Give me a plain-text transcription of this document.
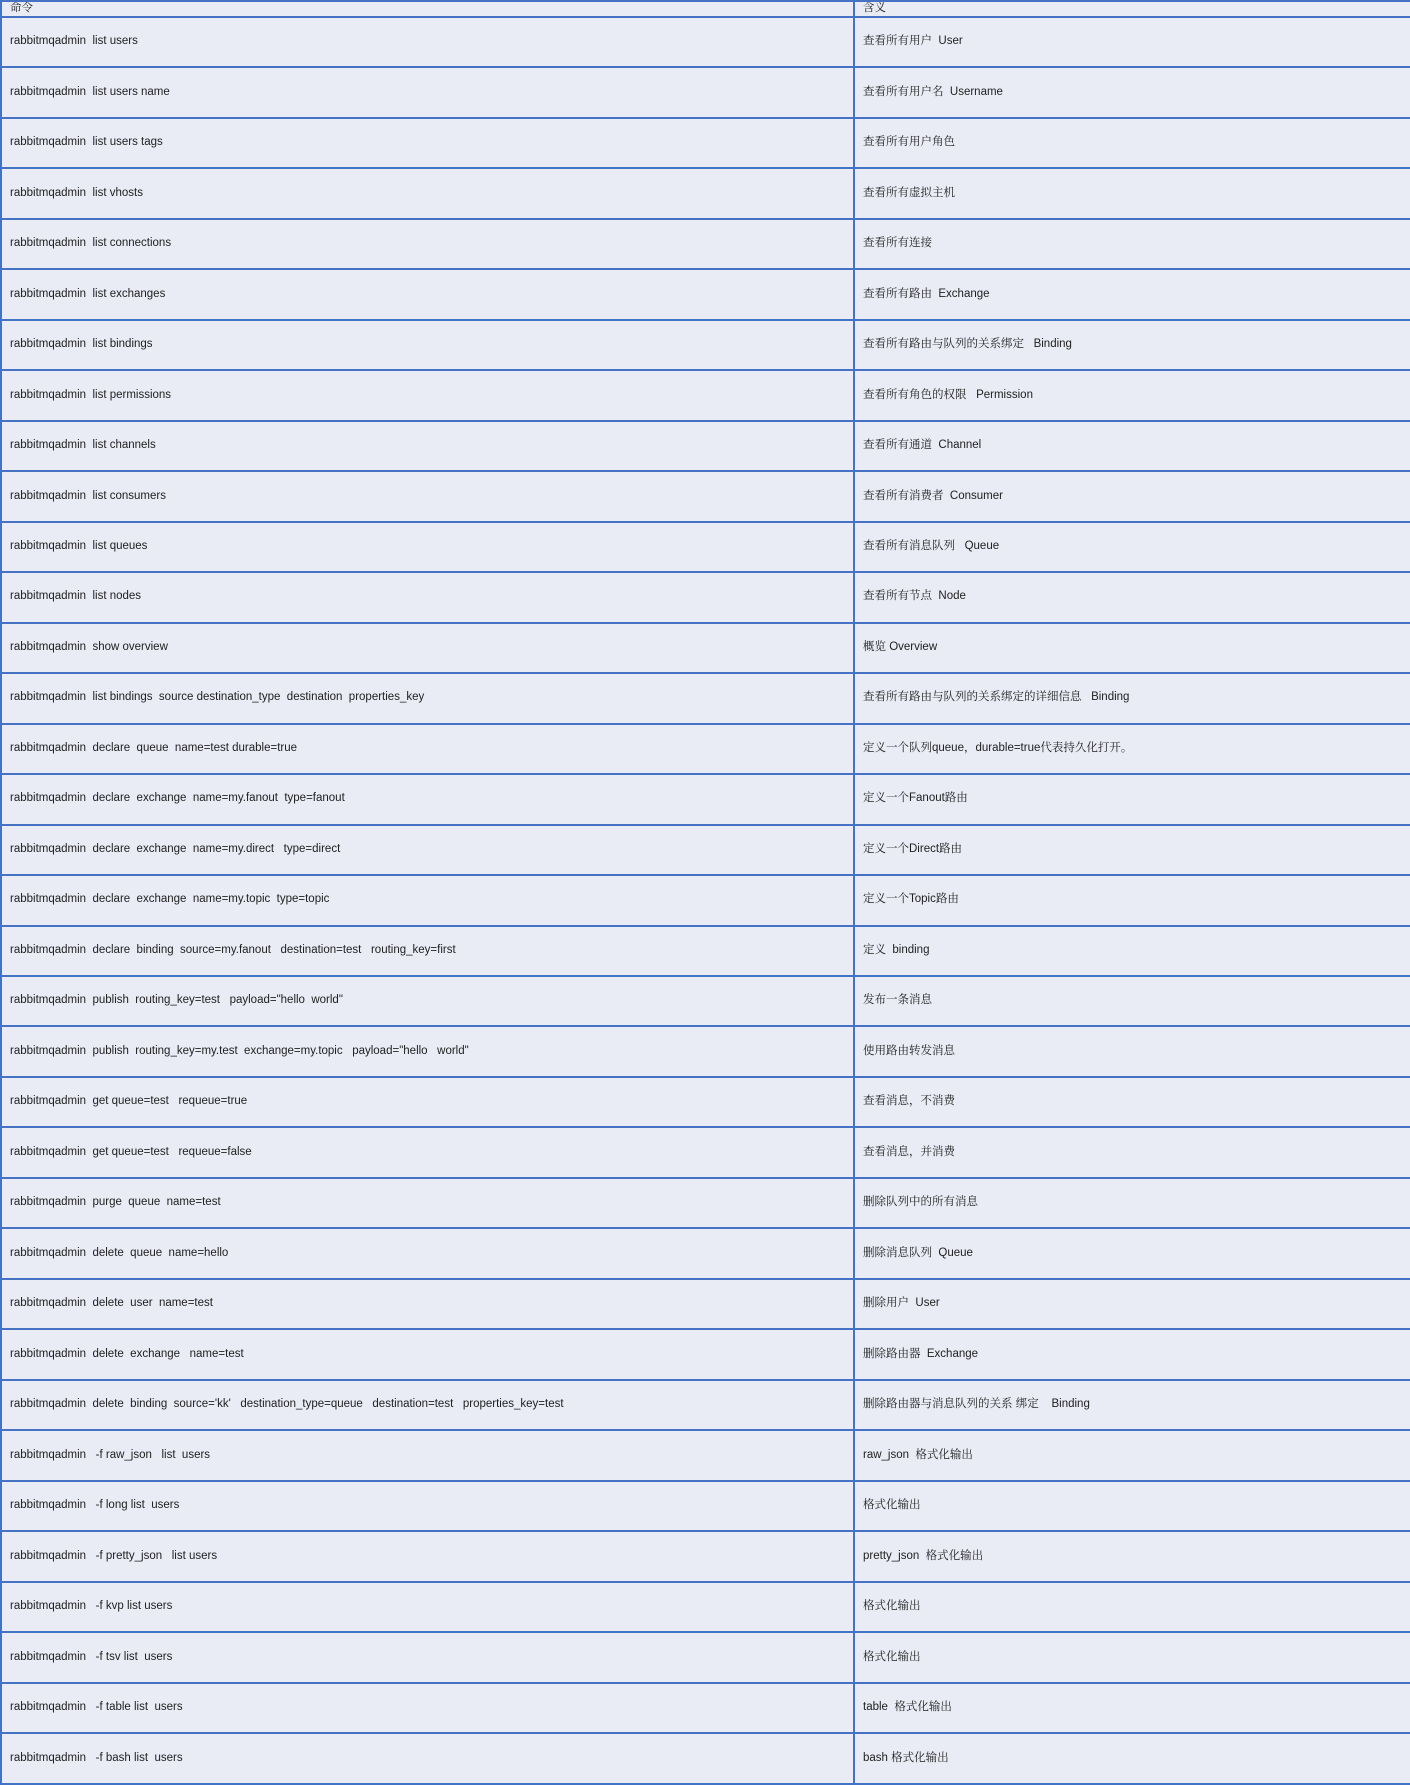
命令	含义
rabbitmqadmin  list users	查看所有用户  User
rabbitmqadmin  list users name	查看所有用户名  Username
rabbitmqadmin  list users tags	查看所有用户角色
rabbitmqadmin  list vhosts	查看所有虚拟主机
rabbitmqadmin  list connections	查看所有连接
rabbitmqadmin  list exchanges	查看所有路由  Exchange
rabbitmqadmin  list bindings	查看所有路由与队列的关系绑定   Binding
rabbitmqadmin  list permissions	查看所有角色的权限   Permission
rabbitmqadmin  list channels	查看所有通道  Channel
rabbitmqadmin  list consumers	查看所有消费者  Consumer
rabbitmqadmin  list queues	查看所有消息队列   Queue
rabbitmqadmin  list nodes	查看所有节点  Node
rabbitmqadmin  show overview	概览 Overview
rabbitmqadmin  list bindings  source destination_type  destination  properties_key	查看所有路由与队列的关系绑定的详细信息   Binding
rabbitmqadmin  declare  queue  name=test durable=true	定义一个队列queue，durable=true代表持久化打开。
rabbitmqadmin  declare  exchange  name=my.fanout  type=fanout	定义一个Fanout路由
rabbitmqadmin  declare  exchange  name=my.direct   type=direct	定义一个Direct路由
rabbitmqadmin  declare  exchange  name=my.topic  type=topic	定义一个Topic路由
rabbitmqadmin  declare  binding  source=my.fanout   destination=test   routing_key=first	定义  binding
rabbitmqadmin  publish  routing_key=test   payload="hello  world"	发布一条消息
rabbitmqadmin  publish  routing_key=my.test  exchange=my.topic   payload="hello   world"	使用路由转发消息
rabbitmqadmin  get queue=test   requeue=true	查看消息，不消费
rabbitmqadmin  get queue=test   requeue=false	查看消息，并消费
rabbitmqadmin  purge  queue  name=test	删除队列中的所有消息
rabbitmqadmin  delete  queue  name=hello	删除消息队列  Queue
rabbitmqadmin  delete  user  name=test	删除用户  User
rabbitmqadmin  delete  exchange   name=test	删除路由器  Exchange
rabbitmqadmin  delete  binding  source='kk'   destination_type=queue   destination=test   properties_key=test	删除路由器与消息队列的关系 绑定    Binding
rabbitmqadmin   -f raw_json   list  users	raw_json  格式化输出
rabbitmqadmin   -f long list  users	格式化输出
rabbitmqadmin   -f pretty_json   list users	pretty_json  格式化输出
rabbitmqadmin   -f kvp list users	格式化输出
rabbitmqadmin   -f tsv list  users	格式化输出
rabbitmqadmin   -f table list  users	table  格式化输出
rabbitmqadmin   -f bash list  users	bash 格式化输出
